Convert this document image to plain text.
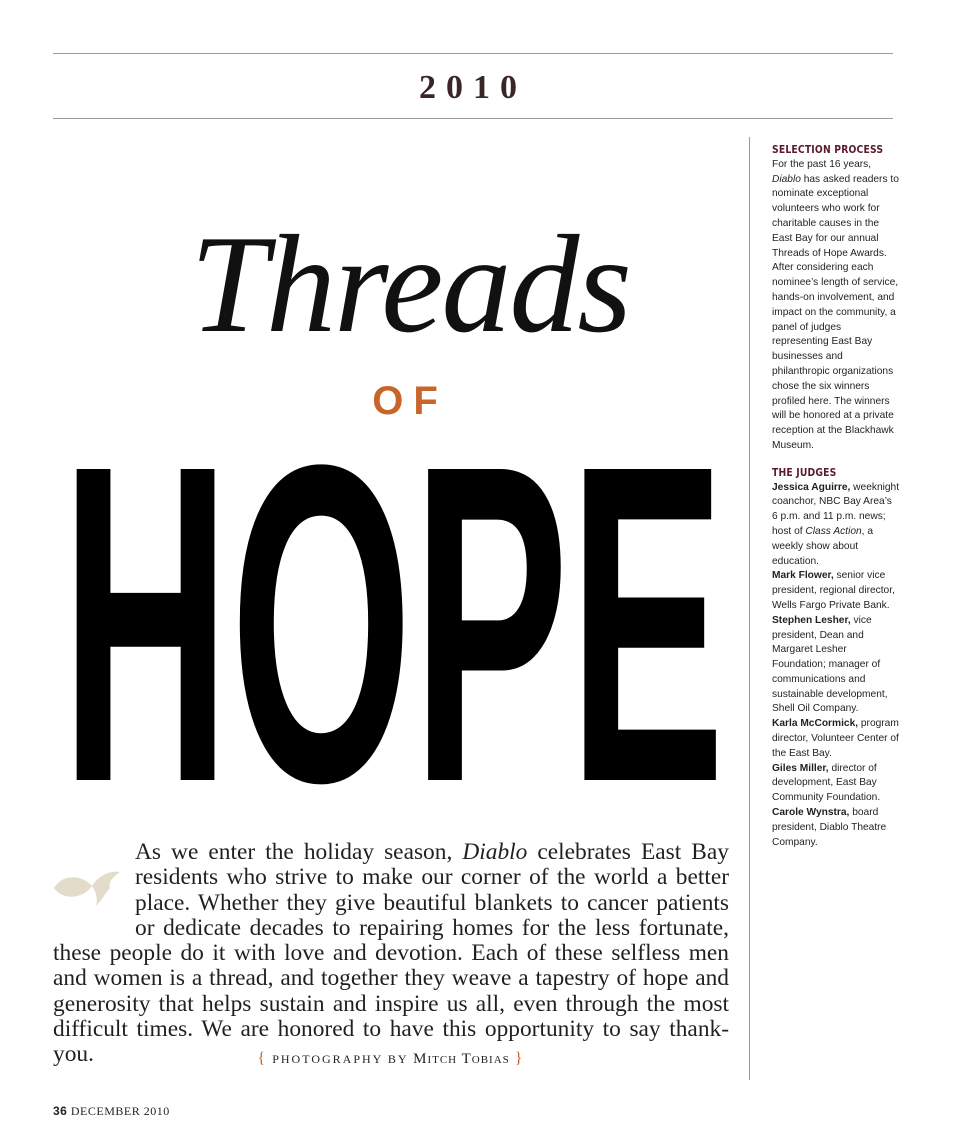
2010
Threads
OF
HOPE
As we enter the holiday season, Diablo celebrates East Bay residents who strive to make our corner of the world a better place. Whether they give beautiful blankets to cancer patients or dedicate decades to repairing homes for the less fortunate, these people do it with love and devotion. Each of these selfless men and women is a thread, and together they weave a tapestry of hope and generosity that helps sustain and inspire us all, even through the most difficult times. We are honored to have this opportunity to say thank-you.	{ PHOTOGRAPHY BY Mitch Tobias }
36 DECEMBER 2010
SELECTION PROCESS

For the past 16 years, Diablo has asked readers to nominate exceptional volunteers who work for charitable causes in the East Bay for our annual Threads of Hope Awards. After considering each nominee’s length of service, hands-on involvement, and impact on the community, a panel of judges representing East Bay businesses and philanthropic organizations chose the six winners profiled here. The winners will be honored at a private reception at the Blackhawk Museum.

THE JUDGES

Jessica Aguirre, weeknight coanchor, NBC Bay Area’s 6 p.m. and 11 p.m. news; host of Class Action, a weekly show about education.

Mark Flower, senior vice president, regional director, Wells Fargo Private Bank.

Stephen Lesher, vice president, Dean and Margaret Lesher Foundation; manager of communications and sustainable development, Shell Oil Company.

Karla McCormick, program director, Volunteer Center of the East Bay.

Giles Miller, director of development, East Bay Community Foundation.

Carole Wynstra, board president, Diablo Theatre Company.
